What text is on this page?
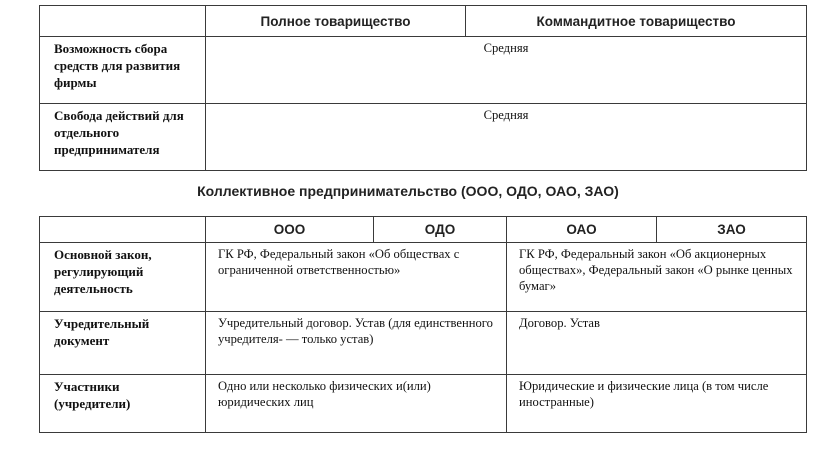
	Полное товарищество	Коммандитное товарищество
Возможность сбора средств для развития фирмы	Средняя	
Свобода действий для отдельного предпринимателя	Средняя	
Коллективное предпринимательство (ООО, ОДО, ОАО, ЗАО)
	ООО	ОДО	ОАО	ЗАО
Основной закон, регулирующий деятельность	ГК РФ, Федеральный закон «Об обществах с ограниченной ответственностью»		ГК РФ, Федеральный закон «Об акционерных обществах», Федеральный закон «О рынке ценных бумаг»	
Учредительный документ	Учредительный договор. Устав (для единственного учредителя- — только устав)		Договор. Устав	
Участники (учредители)	Одно или несколько физических и(или) юридических лиц		Юридические и физические лица (в том числе иностранные)	
